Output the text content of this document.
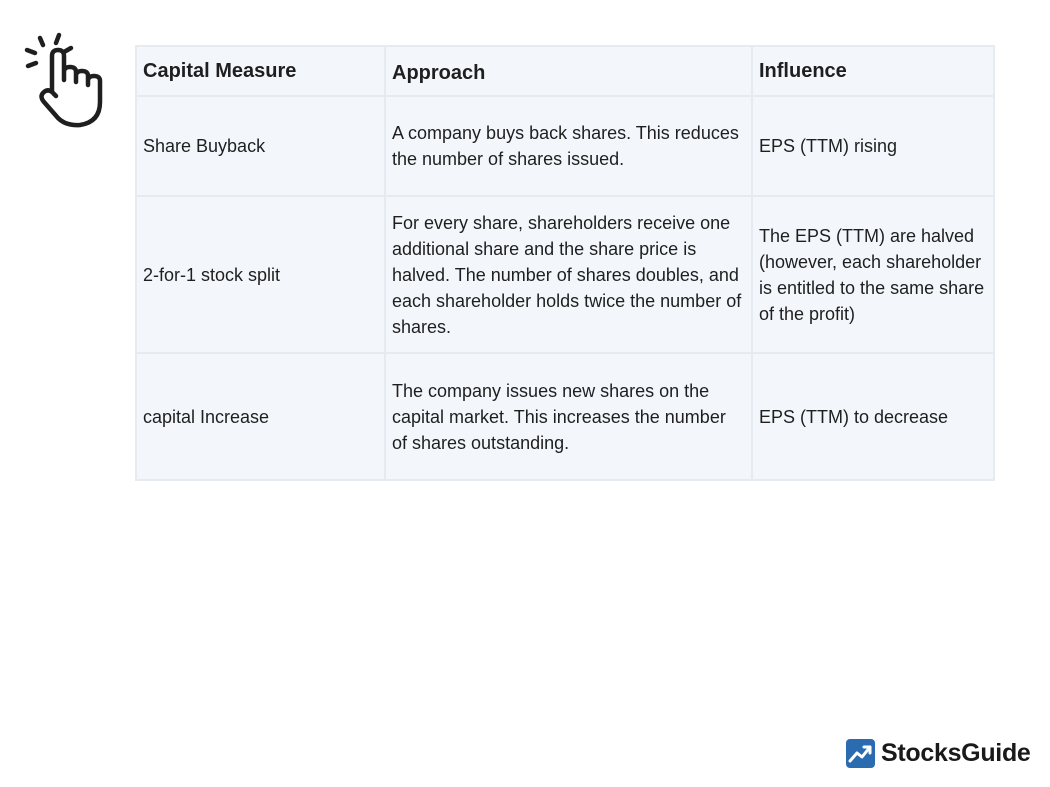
Capital Measure	Approach	Influence
Share Buyback	A company buys back shares. This reduces the number of shares issued.	EPS (TTM) rising
2-for-1 stock split	For every share, shareholders receive one additional share and the share price is halved. The number of shares doubles, and each shareholder holds twice the number of shares.	The EPS (TTM) are halved (however, each shareholder is entitled to the same share of the profit)
capital Increase	The company issues new shares on the capital market. This increases the number of shares outstanding.	EPS (TTM) to decrease
StocksGuide
